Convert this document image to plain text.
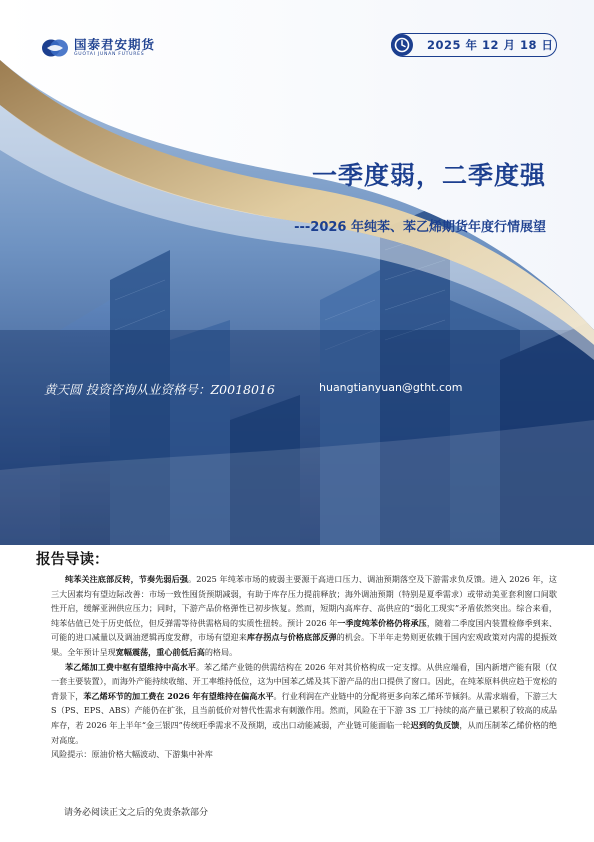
国泰君安期货
GUOTAI JUNAN FUTURES
2025 年 12 月 18 日
一季度弱，二季度强
---2026 年纯苯、苯乙烯期货年度行情展望
黄天圆 投资咨询从业资格号：Z0018016	huangtianyuan@gtht.com
报告导读：

纯苯关注底部反转，节奏先弱后强。2025 年纯苯市场的疲弱主要源于高进口压力、调油预期落空及下游需求负反馈。进入 2026 年，这三大因素均有望边际改善：市场一致性囤货预期减弱，有助于库存压力提前释放；海外调油预期（特别是夏季需求）或带动美亚套利窗口间歇性开启，缓解亚洲供应压力；同时，下游产品价格弹性已初步恢复。然而，短期内高库存、高供应的“弱化工现实”矛盾依然突出。综合来看，纯苯估值已处于历史低位，但反弹需等待供需格局的实质性扭转。预计 2026 年一季度纯苯价格仍将承压，随着二季度国内装置检修季到来、可能的进口减量以及调油逻辑再度发酵，市场有望迎来库存拐点与价格底部反弹的机会。下半年走势则更依赖于国内宏观政策对内需的提振效果。全年预计呈现宽幅震荡，重心前低后高的格局。

苯乙烯加工费中枢有望维持中高水平。苯乙烯产业链的供需结构在 2026 年对其价格构成一定支撑。从供应端看，国内新增产能有限（仅一套主要装置），而海外产能持续收缩、开工率维持低位，这为中国苯乙烯及其下游产品的出口提供了窗口。因此，在纯苯原料供应趋于宽松的背景下，苯乙烯环节的加工费在 2026 年有望维持在偏高水平。行业利润在产业链中的分配将更多向苯乙烯环节倾斜。从需求端看，下游三大 S（PS、EPS、ABS）产能仍在扩张，且当前低价对替代性需求有刺激作用。然而，风险在于下游 3S 工厂持续的高产量已累积了较高的成品库存，若 2026 年上半年“金三银四”传统旺季需求不及预期，或出口动能减弱，产业链可能面临一轮迟到的负反馈，从而压制苯乙烯价格的绝对高度。

风险提示：原油价格大幅波动、下游集中补库

请务必阅读正文之后的免责条款部分
